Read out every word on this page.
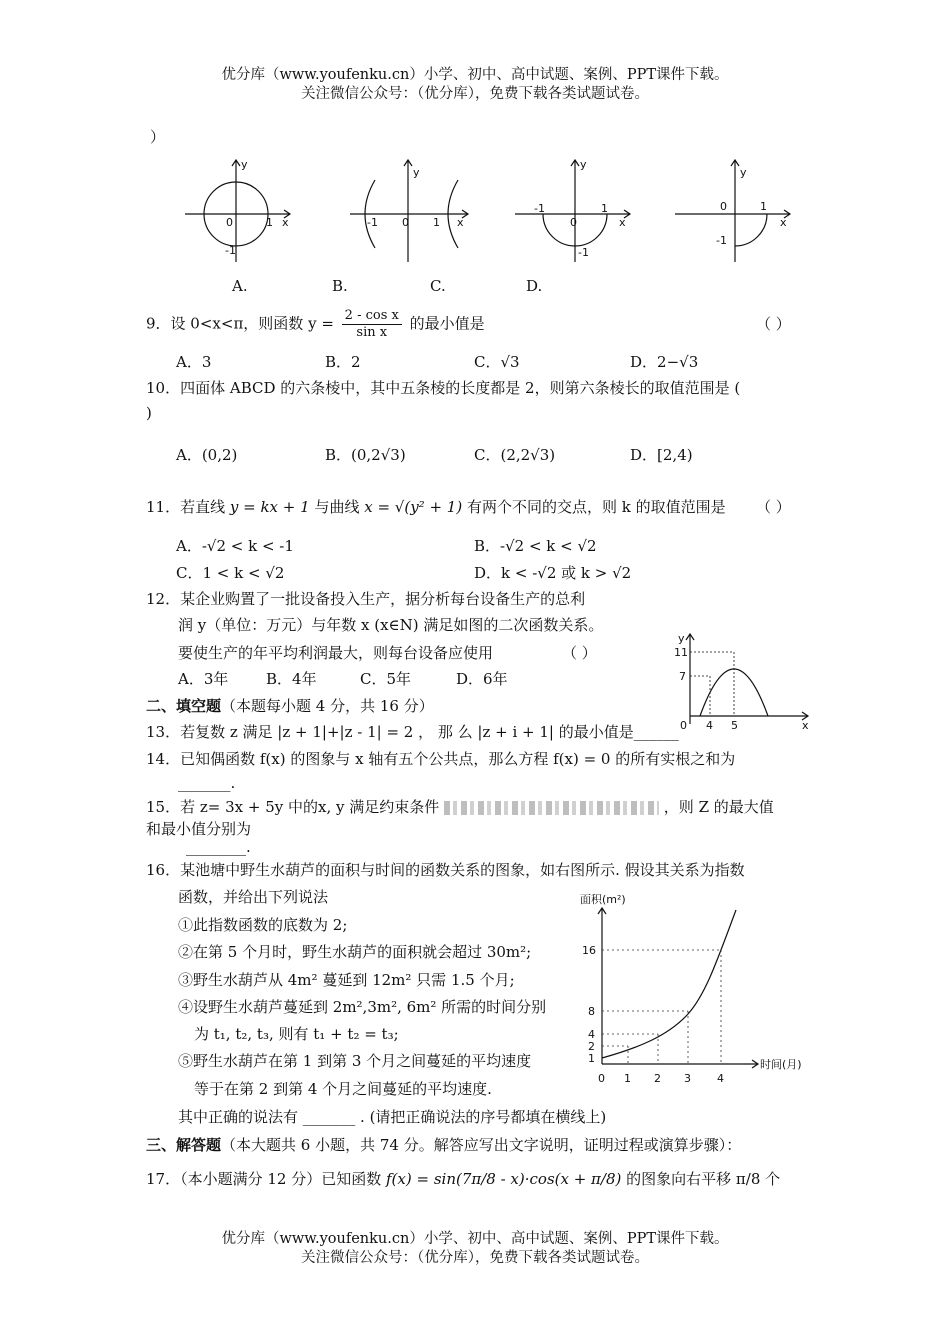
优分库（www.youfenku.cn）小学、初中、高中试题、案例、PPT课件下载。
关注微信公众号：（优分库），免费下载各类试题试卷。
）
y
x
0	1
-1
y
x
0
-1	1
y
x
0
-1	1
-1
y
x
0	1
-1
A.	B.	C.	D.
9．设 0<x<π，则函数 $y = \frac{\text{2 - cos x}}{\text{sin x}}$ 的最小值是	（ ）
A．3	B．2	C．√3	D．2−√3
10．四面体 ABCD 的六条棱中，其中五条棱的长度都是 2，则第六条棱长的取值范围是 (
)
A．(0,2)	B．(0,2√3)	C．(2,2√3)	D．[2,4)
11．若直线 y = kx + 1 与曲线 x = √(y² + 1) 有两个不同的交点，则 k 的取值范围是 （ ）
A．-√2 < k < -1	B．-√2 < k < √2
C．1 < k < √2	D．k < -√2 或 k > √2
12．某企业购置了一批设备投入生产，据分析每台设备生产的总利
润 y（单位：万元）与年数 x (x∈N) 满足如图的二次函数关系。
要使生产的年平均利润最大，则每台设备应使用	（ ）
A．3年	B．4年	C．5年	D．6年
y
x
0 4 5
7
11
二、填空题（本题每小题 4 分，共 16 分）
13．若复数 z 满足 |z + 1|+|z - 1| = 2 ， 那 么 |z + i + 1| 的最小值是______
14．已知偶函数 f(x) 的图象与 x 轴有五个公共点，那么方程 f(x) = 0 的所有实根之和为
_______.
15．若 z= 3x + 5y 中的x, y 满足约束条件	，则 Z 的最大值
和最小值分别为
________.
16．某池塘中野生水葫芦的面积与时间的函数关系的图象，如右图所示. 假设其关系为指数
函数，并给出下列说法
①此指数函数的底数为 2;
②在第 5 个月时，野生水葫芦的面积就会超过 30m²;
③野生水葫芦从 4m² 蔓延到 12m² 只需 1.5 个月;
④设野生水葫芦蔓延到 2m²,3m², 6m² 所需的时间分别
为 t₁, t₂, t₃, 则有 t₁ + t₂ = t₃;
⑤野生水葫芦在第 1 到第 3 个月之间蔓延的平均速度
等于在第 2 到第 4 个月之间蔓延的平均速度.
其中正确的说法有 _______ . (请把正确说法的序号都填在横线上)
面积(m²)
时间(月)
1
2
4
8
16
0 1 2 3 4
三、解答题（本大题共 6 小题，共 74 分。解答应写出文字说明，证明过程或演算步骤）：
17．（本小题满分 12 分）已知函数 f(x) = sin(7π/8 - x)·cos(x + π/8) 的图象向右平移 π/8 个
优分库（www.youfenku.cn）小学、初中、高中试题、案例、PPT课件下载。
关注微信公众号：（优分库），免费下载各类试题试卷。
